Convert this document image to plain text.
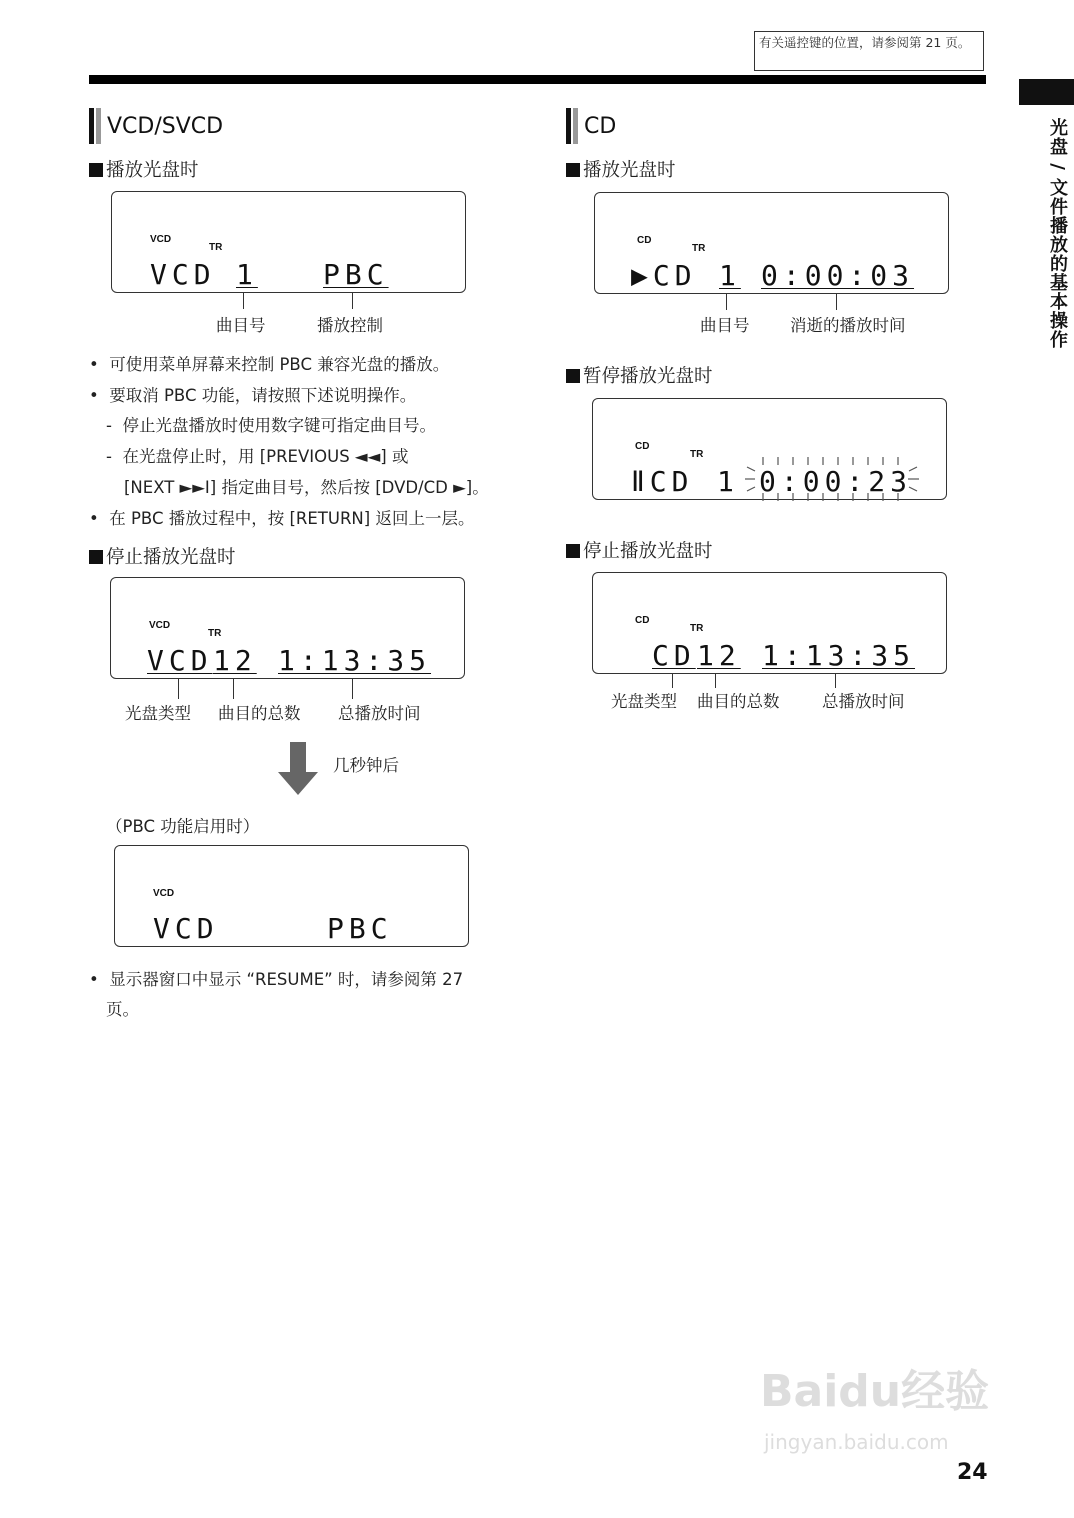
有关遥控键的位置，请参阅第 21 页。
光盘 / 文件播放的基本操作
VCD/SVCD
播放光盘时
VCD
TR
VCD 1 PBC
曲目号	播放控制
•  可使用菜单屏幕来控制 PBC 兼容光盘的播放。
•  要取消 PBC 功能，请按照下述说明操作。
-  停止光盘播放时使用数字键可指定曲目号。
-  在光盘停止时，用 [PREVIOUS ◄◄] 或
[NEXT ►►I] 指定曲目号，然后按 [DVD/CD ►]。
•  在 PBC 播放过程中，按 [RETURN] 返回上一层。
停止播放光盘时
VCD
TR
VCD 12 1:13:35
光盘类型 曲目的总数 总播放时间
几秒钟后
（PBC 功能启用时）
VCD
VCD	PBC
•  显示器窗口中显示 “RESUME” 时，请参阅第 27
页。
CD
播放光盘时
CD
TR
▶CD 1 0:00:03
曲目号 消逝的播放时间
暂停播放光盘时
CD
TR
ⅡCD 1 0:00:23
停止播放光盘时
CD
TR
CD 12 1:13:35
光盘类型 曲目的总数	总播放时间
Baidu经验
jingyan.baidu.com
24
